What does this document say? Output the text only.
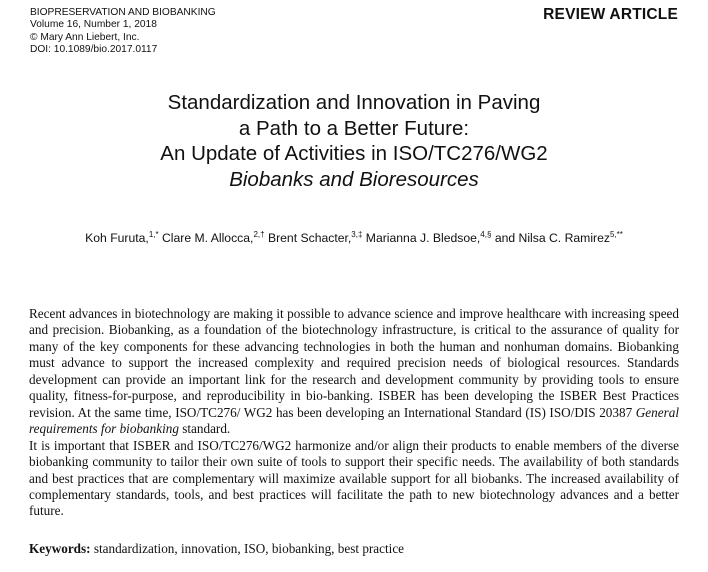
BIOPRESERVATION AND BIOBANKING
Volume 16, Number 1, 2018
© Mary Ann Liebert, Inc.
DOI: 10.1089/bio.2017.0117
REVIEW ARTICLE
Standardization and Innovation in Paving
a Path to a Better Future:
An Update of Activities in ISO/TC276/WG2
Biobanks and Bioresources
Koh Furuta,$^{1,*}$ Clare M. Allocca,$^{2,\dagger}$ Brent Schacter,$^{3,\ddagger}$ Marianna J. Bledsoe,$^{4,\S}$ and Nilsa C. Ramirez$^{5,**}$

Recent advances in biotechnology are making it possible to advance science and improve healthcare with increasing speed and precision. Biobanking, as a foundation of the biotechnology infrastructure, is critical to the assurance of quality for many of the key components for these advancing technologies in both the human and nonhuman domains. Biobanking must advance to support the increased complexity and required precision needs of biological resources. Standards development can provide an important link for the research and development community by providing tools to ensure quality, fitness-for-purpose, and reproducibility in bio-banking. ISBER has been developing the ISBER Best Practices revision. At the same time, ISO/TC276/ WG2 has been developing an International Standard (IS) ISO/DIS 20387 General requirements for biobanking standard.

It is important that ISBER and ISO/TC276/WG2 harmonize and/or align their products to enable members of the diverse biobanking community to tailor their own suite of tools to support their specific needs. The availability of both standards and best practices that are complementary will maximize available support for all biobanks. The increased availability of complementary standards, tools, and best practices will facilitate the path to new biotechnology advances and a better future.

Keywords: standardization, innovation, ISO, biobanking, best practice
